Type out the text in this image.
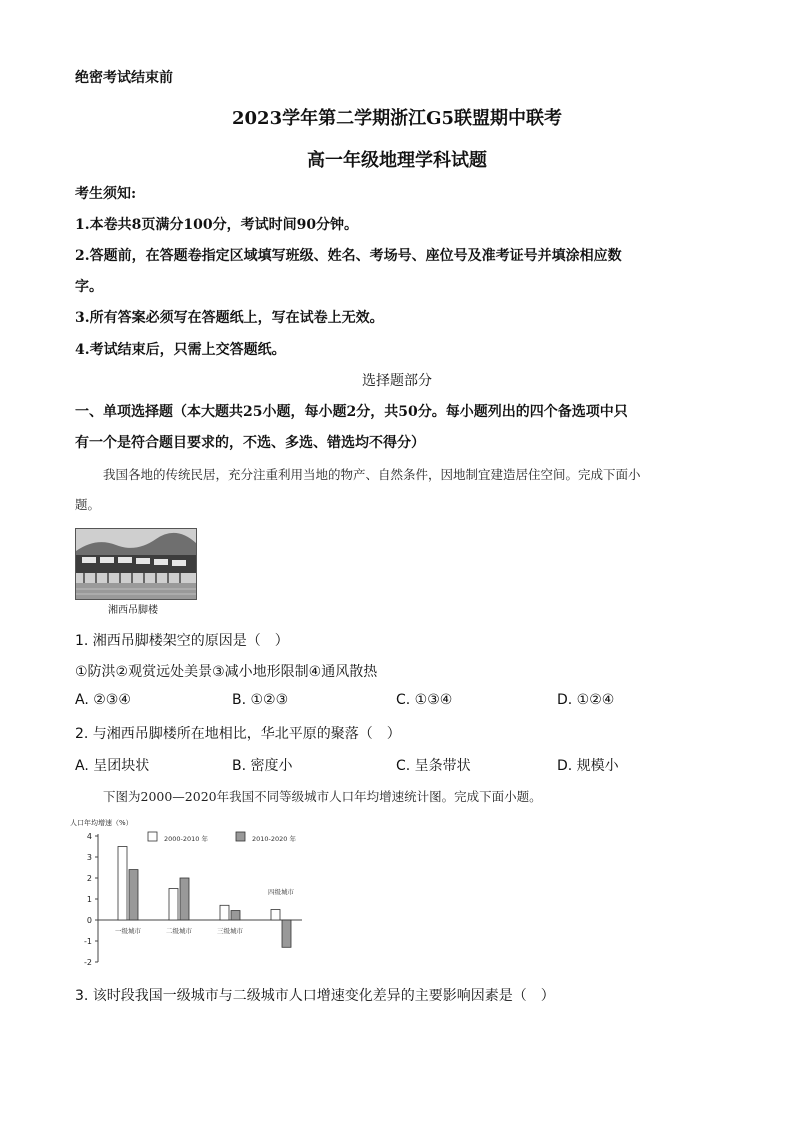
绝密考试结束前
2023学年第二学期浙江G5联盟期中联考
高一年级地理学科试题
考生须知:
1.本卷共8页满分100分，考试时间90分钟。
2.答题前，在答题卷指定区域填写班级、姓名、考场号、座位号及准考证号并填涂相应数
字。
3.所有答案必须写在答题纸上，写在试卷上无效。
4.考试结束后，只需上交答题纸。
选择题部分
一、单项选择题（本大题共25小题，每小题2分，共50分。每小题列出的四个备选项中只
有一个是符合题目要求的，不选、多选、错选均不得分）
我国各地的传统民居，充分注重利用当地的物产、自然条件，因地制宜建造居住空间。完成下面小
题。
湘西吊脚楼
1. 湘西吊脚楼架空的原因是（　）
①防洪②观赏远处美景③减小地形限制④通风散热
A. ②③④	B. ①②③	C. ①③④	D. ①②④
2. 与湘西吊脚楼所在地相比，华北平原的聚落（　）
A. 呈团块状	B. 密度小	C. 呈条带状	D. 规模小
下图为2000—2020年我国不同等级城市人口年均增速统计图。完成下面小题。
人口年均增速（%）
4
3
2
1
0
-1
-2
2000-2010 年	2010-2020 年
一级城市	二级城市	三级城市
四级城市
3. 该时段我国一级城市与二级城市人口增速变化差异的主要影响因素是（　）
